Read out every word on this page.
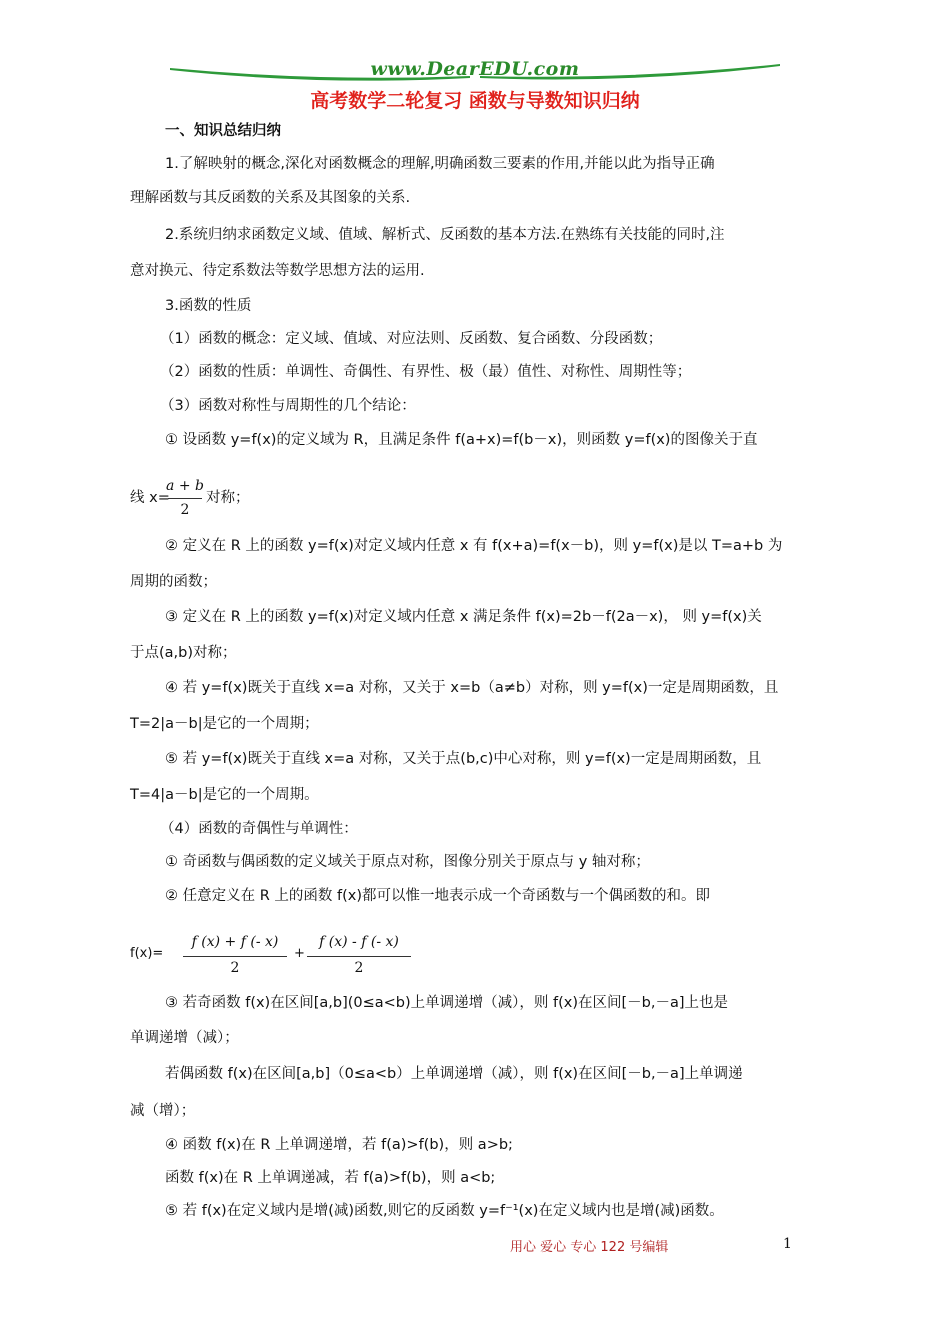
www.DearEDU.com
高考数学二轮复习 函数与导数知识归纳
一、知识总结归纳
1.了解映射的概念,深化对函数概念的理解,明确函数三要素的作用,并能以此为指导正确
理解函数与其反函数的关系及其图象的关系.
2.系统归纳求函数定义域、值域、解析式、反函数的基本方法.在熟练有关技能的同时,注
意对换元、待定系数法等数学思想方法的运用.
3.函数的性质
（1）函数的概念：定义域、值域、对应法则、反函数、复合函数、分段函数；
（2）函数的性质：单调性、奇偶性、有界性、极（最）值性、对称性、周期性等；
（3）函数对称性与周期性的几个结论：
① 设函数 y=f(x)的定义域为 R，且满足条件 f(a+x)=f(b－x)，则函数 y=f(x)的图像关于直
线 x=
a + b
2
对称；
② 定义在 R 上的函数 y=f(x)对定义域内任意 x 有 f(x+a)=f(x－b)，则 y=f(x)是以 T=a+b 为
周期的函数；
③ 定义在 R 上的函数 y=f(x)对定义域内任意 x 满足条件 f(x)=2b－f(2a－x)， 则 y=f(x)关
于点(a,b)对称；
④ 若 y=f(x)既关于直线 x=a 对称，又关于 x=b（a≠b）对称，则 y=f(x)一定是周期函数，且
T=2|a－b|是它的一个周期；
⑤ 若 y=f(x)既关于直线 x=a 对称，又关于点(b,c)中心对称，则 y=f(x)一定是周期函数，且
T=4|a－b|是它的一个周期。
（4）函数的奇偶性与单调性：
① 奇函数与偶函数的定义域关于原点对称，图像分别关于原点与 y 轴对称；
② 任意定义在 R 上的函数 f(x)都可以惟一地表示成一个奇函数与一个偶函数的和。即
f(x)=
f (x) + f (- x)
2
+
f (x) - f (- x)
2
③ 若奇函数 f(x)在区间[a,b](0≤a<b)上单调递增（减），则 f(x)在区间[－b,－a]上也是
单调递增（减）；
若偶函数 f(x)在区间[a,b]（0≤a<b）上单调递增（减），则 f(x)在区间[－b,－a]上单调递
减（增）；
④ 函数 f(x)在 R 上单调递增，若 f(a)>f(b)，则 a>b;
函数 f(x)在 R 上单调递减，若 f(a)>f(b)，则 a<b;
⑤ 若 f(x)在定义域内是增(减)函数,则它的反函数 y=f⁻¹(x)在定义域内也是增(减)函数。
用心 爱心 专心 122 号编辑	1
